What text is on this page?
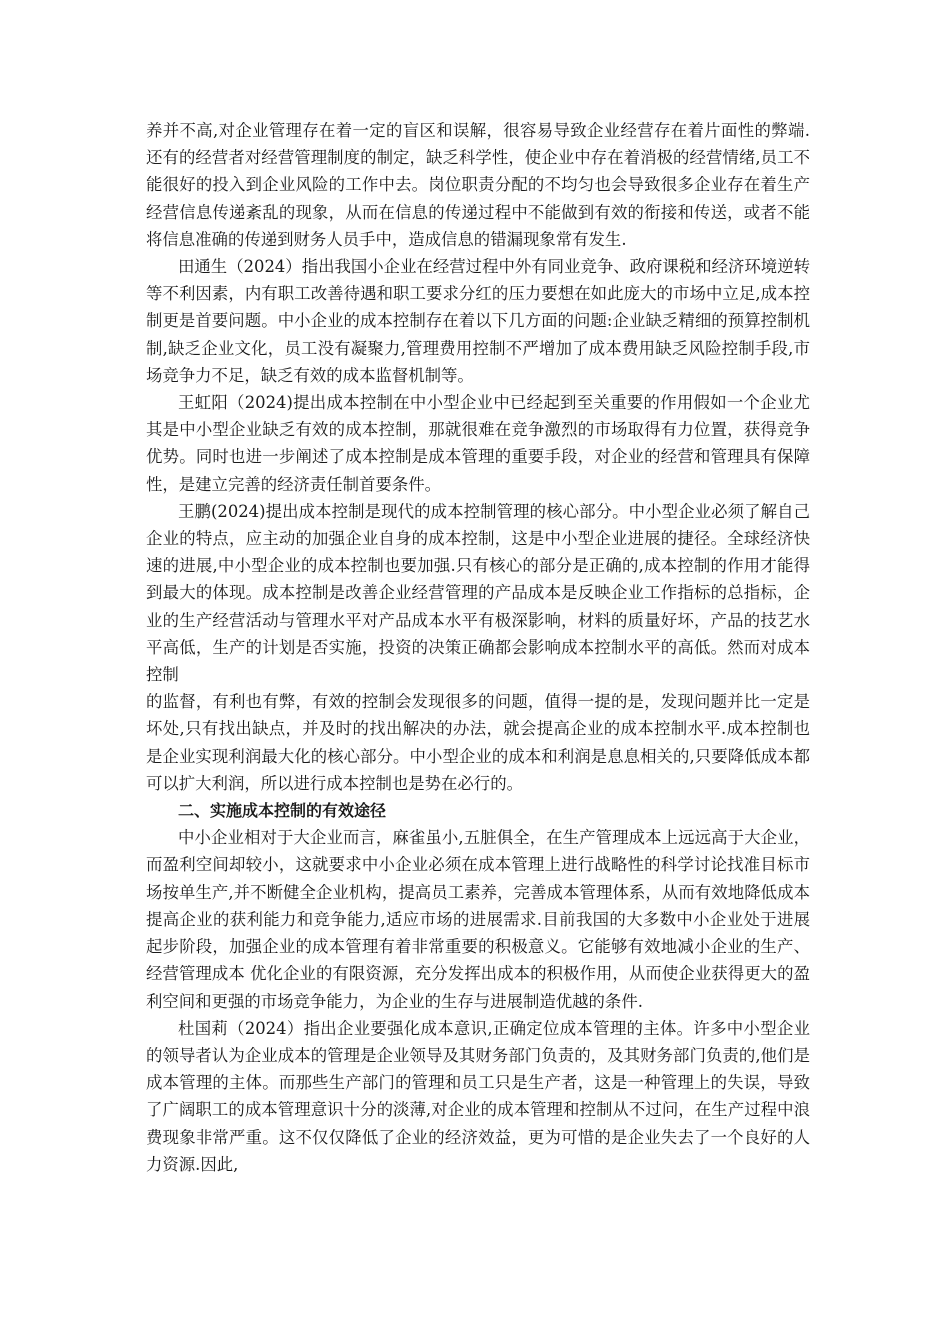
养并不高,对企业管理存在着一定的盲区和误解，很容易导致企业经营存在着片面性的弊端.还有的经营者对经营管理制度的制定，缺乏科学性，使企业中存在着消极的经营情绪,员工不能很好的投入到企业风险的工作中去。岗位职责分配的不均匀也会导致很多企业存在着生产经营信息传递紊乱的现象，从而在信息的传递过程中不能做到有效的衔接和传送，或者不能将信息准确的传递到财务人员手中，造成信息的错漏现象常有发生.

田通生（2024）指出我国小企业在经营过程中外有同业竞争、政府课税和经济环境逆转等不利因素，内有职工改善待遇和职工要求分红的压力要想在如此庞大的市场中立足,成本控制更是首要问题。中小企业的成本控制存在着以下几方面的问题:企业缺乏精细的预算控制机制,缺乏企业文化，员工没有凝聚力,管理费用控制不严增加了成本费用缺乏风险控制手段,市场竞争力不足，缺乏有效的成本监督机制等。

王虹阳（2024)提出成本控制在中小型企业中已经起到至关重要的作用假如一个企业尤其是中小型企业缺乏有效的成本控制，那就很难在竞争激烈的市场取得有力位置，获得竞争优势。同时也进一步阐述了成本控制是成本管理的重要手段，对企业的经营和管理具有保障性，是建立完善的经济责任制首要条件。

王鹏(2024)提出成本控制是现代的成本控制管理的核心部分。中小型企业必须了解自己企业的特点，应主动的加强企业自身的成本控制，这是中小型企业进展的捷径。全球经济快速的进展,中小型企业的成本控制也要加强.只有核心的部分是正确的,成本控制的作用才能得到最大的体现。成本控制是改善企业经营管理的产品成本是反映企业工作指标的总指标，企业的生产经营活动与管理水平对产品成本水平有极深影响，材料的质量好坏，产品的技艺水平高低，生产的计划是否实施，投资的决策正确都会影响成本控制水平的高低。然而对成本控制

的监督，有利也有弊，有效的控制会发现很多的问题，值得一提的是，发现问题并比一定是坏处,只有找出缺点，并及时的找出解决的办法，就会提高企业的成本控制水平.成本控制也是企业实现利润最大化的核心部分。中小型企业的成本和利润是息息相关的,只要降低成本都可以扩大利润，所以进行成本控制也是势在必行的。

二、实施成本控制的有效途径

中小企业相对于大企业而言，麻雀虽小,五脏俱全，在生产管理成本上远远高于大企业，而盈利空间却较小，这就要求中小企业必须在成本管理上进行战略性的科学讨论找准目标市场按单生产,并不断健全企业机构，提高员工素养，完善成本管理体系，从而有效地降低成本 提高企业的获利能力和竞争能力,适应市场的进展需求.目前我国的大多数中小企业处于进展起步阶段，加强企业的成本管理有着非常重要的积极意义。它能够有效地减小企业的生产、经营管理成本 优化企业的有限资源，充分发挥出成本的积极作用，从而使企业获得更大的盈利空间和更强的市场竞争能力，为企业的生存与进展制造优越的条件.

杜国莉（2024）指出企业要强化成本意识,正确定位成本管理的主体。许多中小型企业的领导者认为企业成本的管理是企业领导及其财务部门负责的，及其财务部门负责的,他们是成本管理的主体。而那些生产部门的管理和员工只是生产者，这是一种管理上的失误，导致了广阔职工的成本管理意识十分的淡薄,对企业的成本管理和控制从不过问，在生产过程中浪费现象非常严重。这不仅仅降低了企业的经济效益，更为可惜的是企业失去了一个良好的人力资源.因此,
